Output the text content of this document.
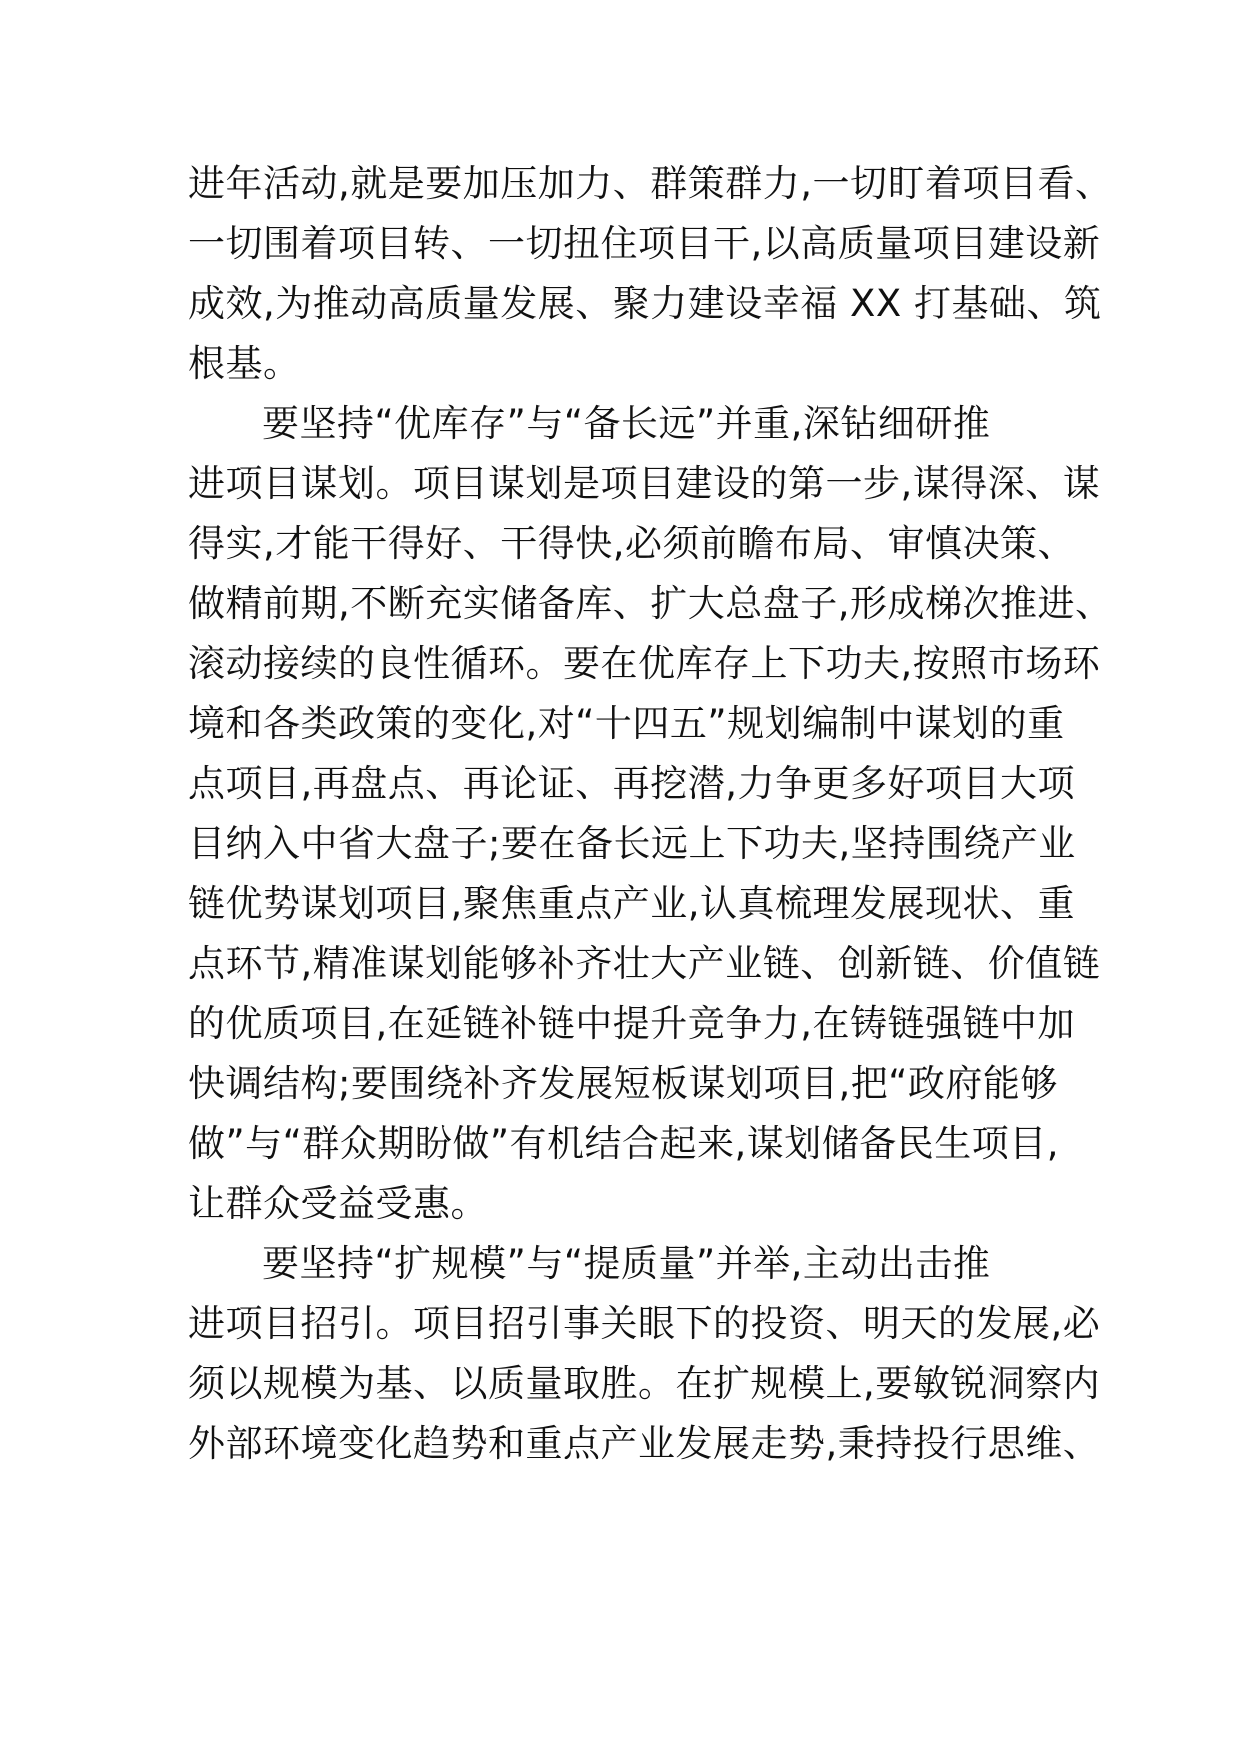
进年活动,就是要加压加力、群策群力,一切盯着项目看、
一切围着项目转、一切扭住项目干,以高质量项目建设新
成效,为推动高质量发展、聚力建设幸福 XX 打基础、筑
根基。
要坚持“优库存”与“备长远”并重,深钻细研推
进项目谋划。项目谋划是项目建设的第一步,谋得深、谋
得实,才能干得好、干得快,必须前瞻布局、审慎决策、
做精前期,不断充实储备库、扩大总盘子,形成梯次推进、
滚动接续的良性循环。要在优库存上下功夫,按照市场环
境和各类政策的变化,对“十四五”规划编制中谋划的重
点项目,再盘点、再论证、再挖潜,力争更多好项目大项
目纳入中省大盘子;要在备长远上下功夫,坚持围绕产业
链优势谋划项目,聚焦重点产业,认真梳理发展现状、重
点环节,精准谋划能够补齐壮大产业链、创新链、价值链
的优质项目,在延链补链中提升竞争力,在铸链强链中加
快调结构;要围绕补齐发展短板谋划项目,把“政府能够
做”与“群众期盼做”有机结合起来,谋划储备民生项目,
让群众受益受惠。
要坚持“扩规模”与“提质量”并举,主动出击推
进项目招引。项目招引事关眼下的投资、明天的发展,必
须以规模为基、以质量取胜。在扩规模上,要敏锐洞察内
外部环境变化趋势和重点产业发展走势,秉持投行思维、
